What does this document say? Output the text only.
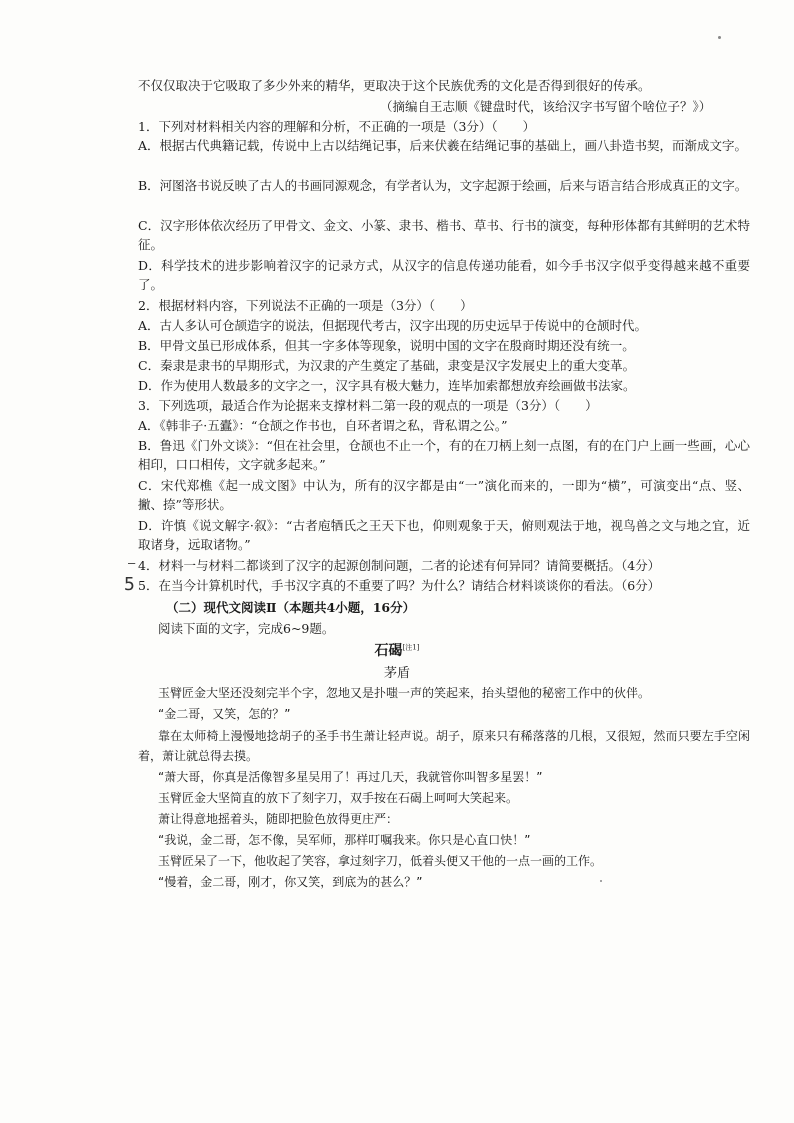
不仅仅取决于它吸取了多少外来的精华，更取决于这个民族优秀的文化是否得到很好的传承。
（摘编自王志顺《键盘时代，该给汉字书写留个啥位子？》）
1．下列对材料相关内容的理解和分析，不正确的一项是（3分）（　　）
A．根据古代典籍记载，传说中上古以结绳记事，后来伏羲在结绳记事的基础上，画八卦造书契，而渐成文字。
B．河图洛书说反映了古人的书画同源观念，有学者认为，文字起源于绘画，后来与语言结合形成真正的文字。
C．汉字形体依次经历了甲骨文、金文、小篆、隶书、楷书、草书、行书的演变，每种形体都有其鲜明的艺术特征。
D．科学技术的进步影响着汉字的记录方式，从汉字的信息传递功能看，如今手书汉字似乎变得越来越不重要了。
2．根据材料内容，下列说法不正确的一项是（3分）（　　）
A．古人多认可仓颉造字的说法，但据现代考古，汉字出现的历史远早于传说中的仓颉时代。
B．甲骨文虽已形成体系，但其一字多体等现象，说明中国的文字在殷商时期还没有统一。
C．秦隶是隶书的早期形式，为汉隶的产生奠定了基础，隶变是汉字发展史上的重大变革。
D．作为使用人数最多的文字之一，汉字具有极大魅力，连毕加索都想放弃绘画做书法家。
3．下列选项，最适合作为论据来支撑材料二第一段的观点的一项是（3分）（　　）
A．《韩非子·五蠹》：“仓颉之作书也，自环者谓之私，背私谓之公。”
B．鲁迅《门外文谈》：“但在社会里，仓颉也不止一个，有的在刀柄上刻一点图，有的在门户上画一些画，心心相印，口口相传，文字就多起来。”
C．宋代郑樵《起一成文图》中认为，所有的汉字都是由“一”演化而来的，一即为“横”，可演变出“点、竖、撇、捺”等形状。
D．许慎《说文解字·叙》：“古者庖牺氏之王天下也，仰则观象于天，俯则观法于地，视鸟兽之文与地之宜，近取诸身，远取诸物。”
4．材料一与材料二都谈到了汉字的起源创制问题，二者的论述有何异同？请简要概括。（4分）
5．在当今计算机时代，手书汉字真的不重要了吗？为什么？请结合材料谈谈你的看法。（6分）
—
5
（二）现代文阅读Ⅱ（本题共4小题，16分）
阅读下面的文字，完成6~9题。
石碣[注1]
茅盾
玉臂匠金大坚还没刻完半个字，忽地又是扑嗤一声的笑起来，抬头望他的秘密工作中的伙伴。
“金二哥，又笑，怎的？”
靠在太师椅上漫慢地捻胡子的圣手书生萧让轻声说。胡子，原来只有稀落落的几根，又很短，然而只要左手空闲着，萧让就总得去摸。
“萧大哥，你真是活像智多星吴用了！再过几天，我就管你叫智多星罢！”
玉臂匠金大坚简直的放下了刻字刀，双手按在石碣上呵呵大笑起来。
萧让得意地摇着头，随即把脸色放得更庄严：
“我说，金二哥，怎不像，吴军师，那样叮嘱我来。你只是心直口快！”
玉臂匠呆了一下，他收起了笑容，拿过刻字刀，低着头便又干他的一点一画的工作。
“慢着，金二哥，刚才，你又笑，到底为的甚么？”
